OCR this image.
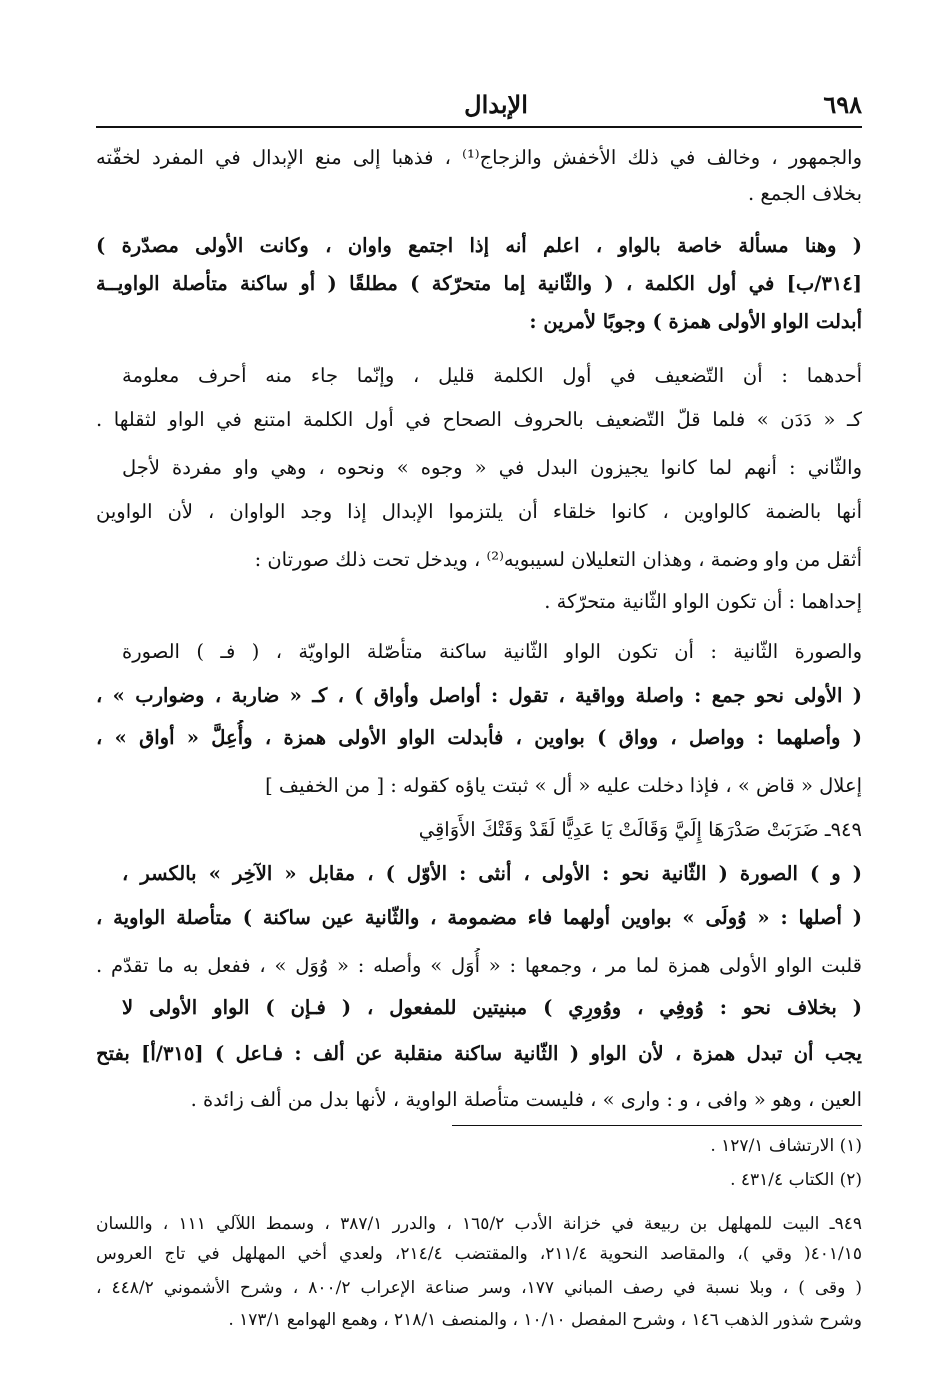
٦٩٨
الإبدال
والجمهور ، وخالف في ذلك الأخفش والزجاج⁽¹⁾ ، فذهبا إلى منع الإبدال في المفرد لخفّته
بخلاف الجمع .
( وهنا مسألة خاصة بالواو ، اعلم أنه إذا اجتمع واوان ، وكانت الأولى مصدّرة )
[٣١٤/ب] في أول الكلمة ، ( والثّانية إما متحرّكة ) مطلقًا ( أو ساكنة متأصلة الواويــة
أبدلت الواو الأولى همزة ) وجوبًا لأمرين :
أحدهما : أن التّضعيف في أول الكلمة قليل ، وإنّما جاء منه أحرف معلومة
كـ « دَدَن » فلما قلّ التّضعيف بالحروف الصحاح في أول الكلمة امتنع في الواو لثقلها .
والثّاني : أنهم لما كانوا يجيزون البدل في « وجوه » ونحوه ، وهي واو مفردة لأجل
أنها بالضمة كالواوين ، كانوا خلقاء أن يلتزموا الإبدال إذا وجد الواوان ، لأن الواوين
أثقل من واو وضمة ، وهذان التعليلان لسيبويه⁽²⁾ ، ويدخل تحت ذلك صورتان :
إحداهما : أن تكون الواو الثّانية متحرّكة .
والصورة الثّانية : أن تكون الواو الثّانية ساكنة متأصّلة الواويّة ، ( فـ ) الصورة
( الأولى نحو جمع : واصلة وواقية ، تقول : أواصل وأواق ) ، كـ « ضاربة ، وضوارب » ،
( وأصلهما : وواصل ، وواق ) بواوين ، فأبدلت الواو الأولى همزة ، وأُعِلَّ « أواق » ،
إعلال « قاض » ، فإذا دخلت عليه « أل » ثبتت ياؤه كقوله : [ من الخفيف ]
٩٤٩ـ ضَرَبَتْ صَدْرَهَا إِلَيَّ وَقَالَتْ يَا عَدِيًّا لَقَدْ وَقَتْكَ الأَوَاقِي
( و ) الصورة ( الثّانية نحو : الأولى ، أنثى : الأوّل ) ، مقابل « الآخِر » بالكسر ،
( أصلها : « وُولَى » بواوين أولهما فاء مضمومة ، والثّانية عين ساكنة ) متأصلة الواوية ،
قلبت الواو الأولى همزة لما مر ، وجمعها : « أُوَل » وأصله : « وُوَل » ، ففعل به ما تقدّم .
( بخلاف نحو : وُوفِي ، ووُورِي ) مبنيتين للمفعول ، ( فـإن ) الواو الأولى لا
يجب أن تبدل همزة ، لأن الواو ( الثّانية ساكنة منقلبة عن ألف : فـاعل ) [٣١٥/أ] بفتح
العين ، وهو « وافى ، و : وارى » ، فليست متأصلة الواوية ، لأنها بدل من ألف زائدة .
(١) الارتشاف ١٢٧/١ .
(٢) الكتاب ٤٣١/٤ .
٩٤٩ـ البيت للمهلهل بن ربيعة في خزانة الأدب ١٦٥/٢ ، والدرر ٣٨٧/١ ، وسمط اللآلي ١١١ ، واللسان
٤٠١/١٥( وقي )، والمقاصد النحوية ٢١١/٤، والمقتضب ٢١٤/٤، ولعدي أخي المهلهل في تاج العروس
( وقى ) ، وبلا نسبة في رصف المباني ١٧٧، وسر صناعة الإعراب ٨٠٠/٢ ، وشرح الأشموني ٤٤٨/٢ ،
وشرح شذور الذهب ١٤٦ ، وشرح المفصل ١٠/١٠ ، والمنصف ٢١٨/١ ، وهمع الهوامع ١٧٣/١ .
